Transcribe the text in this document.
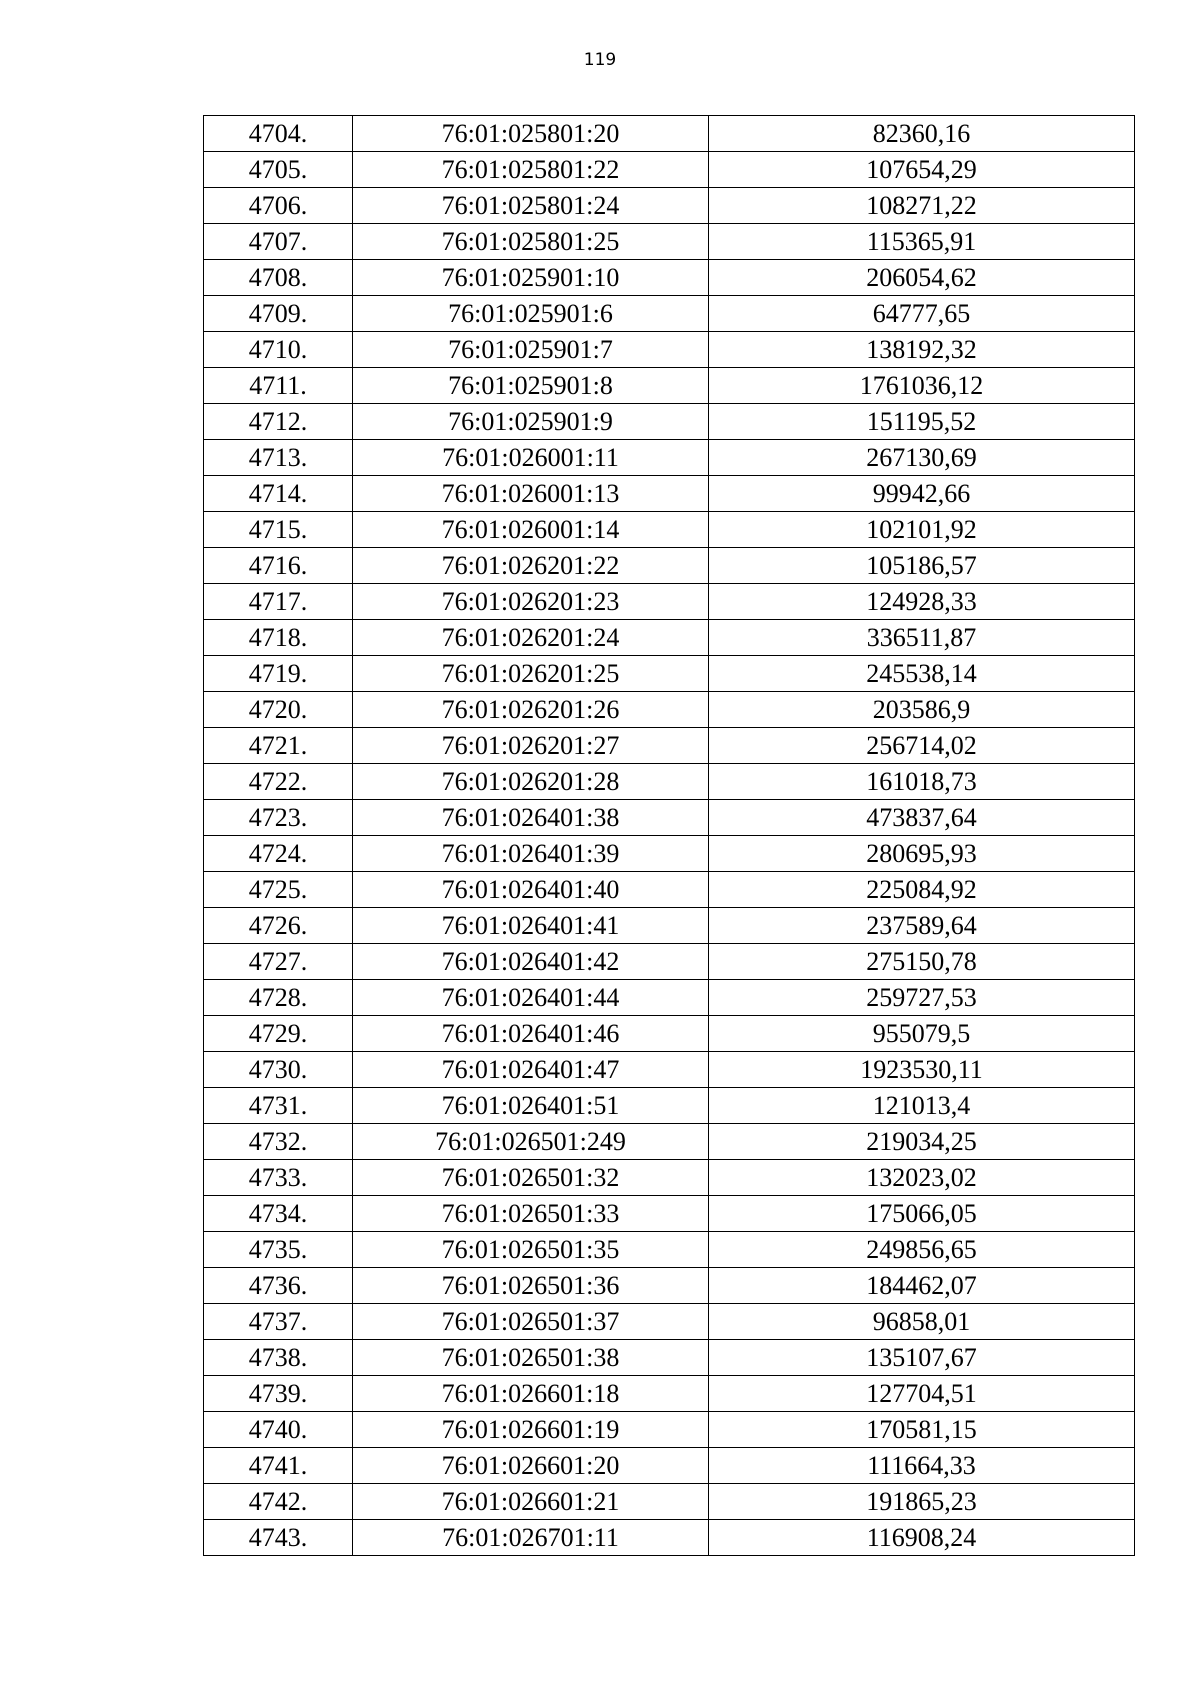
119
4704.	76:01:025801:20	82360,16
4705.	76:01:025801:22	107654,29
4706.	76:01:025801:24	108271,22
4707.	76:01:025801:25	115365,91
4708.	76:01:025901:10	206054,62
4709.	76:01:025901:6	64777,65
4710.	76:01:025901:7	138192,32
4711.	76:01:025901:8	1761036,12
4712.	76:01:025901:9	151195,52
4713.	76:01:026001:11	267130,69
4714.	76:01:026001:13	99942,66
4715.	76:01:026001:14	102101,92
4716.	76:01:026201:22	105186,57
4717.	76:01:026201:23	124928,33
4718.	76:01:026201:24	336511,87
4719.	76:01:026201:25	245538,14
4720.	76:01:026201:26	203586,9
4721.	76:01:026201:27	256714,02
4722.	76:01:026201:28	161018,73
4723.	76:01:026401:38	473837,64
4724.	76:01:026401:39	280695,93
4725.	76:01:026401:40	225084,92
4726.	76:01:026401:41	237589,64
4727.	76:01:026401:42	275150,78
4728.	76:01:026401:44	259727,53
4729.	76:01:026401:46	955079,5
4730.	76:01:026401:47	1923530,11
4731.	76:01:026401:51	121013,4
4732.	76:01:026501:249	219034,25
4733.	76:01:026501:32	132023,02
4734.	76:01:026501:33	175066,05
4735.	76:01:026501:35	249856,65
4736.	76:01:026501:36	184462,07
4737.	76:01:026501:37	96858,01
4738.	76:01:026501:38	135107,67
4739.	76:01:026601:18	127704,51
4740.	76:01:026601:19	170581,15
4741.	76:01:026601:20	111664,33
4742.	76:01:026601:21	191865,23
4743.	76:01:026701:11	116908,24
